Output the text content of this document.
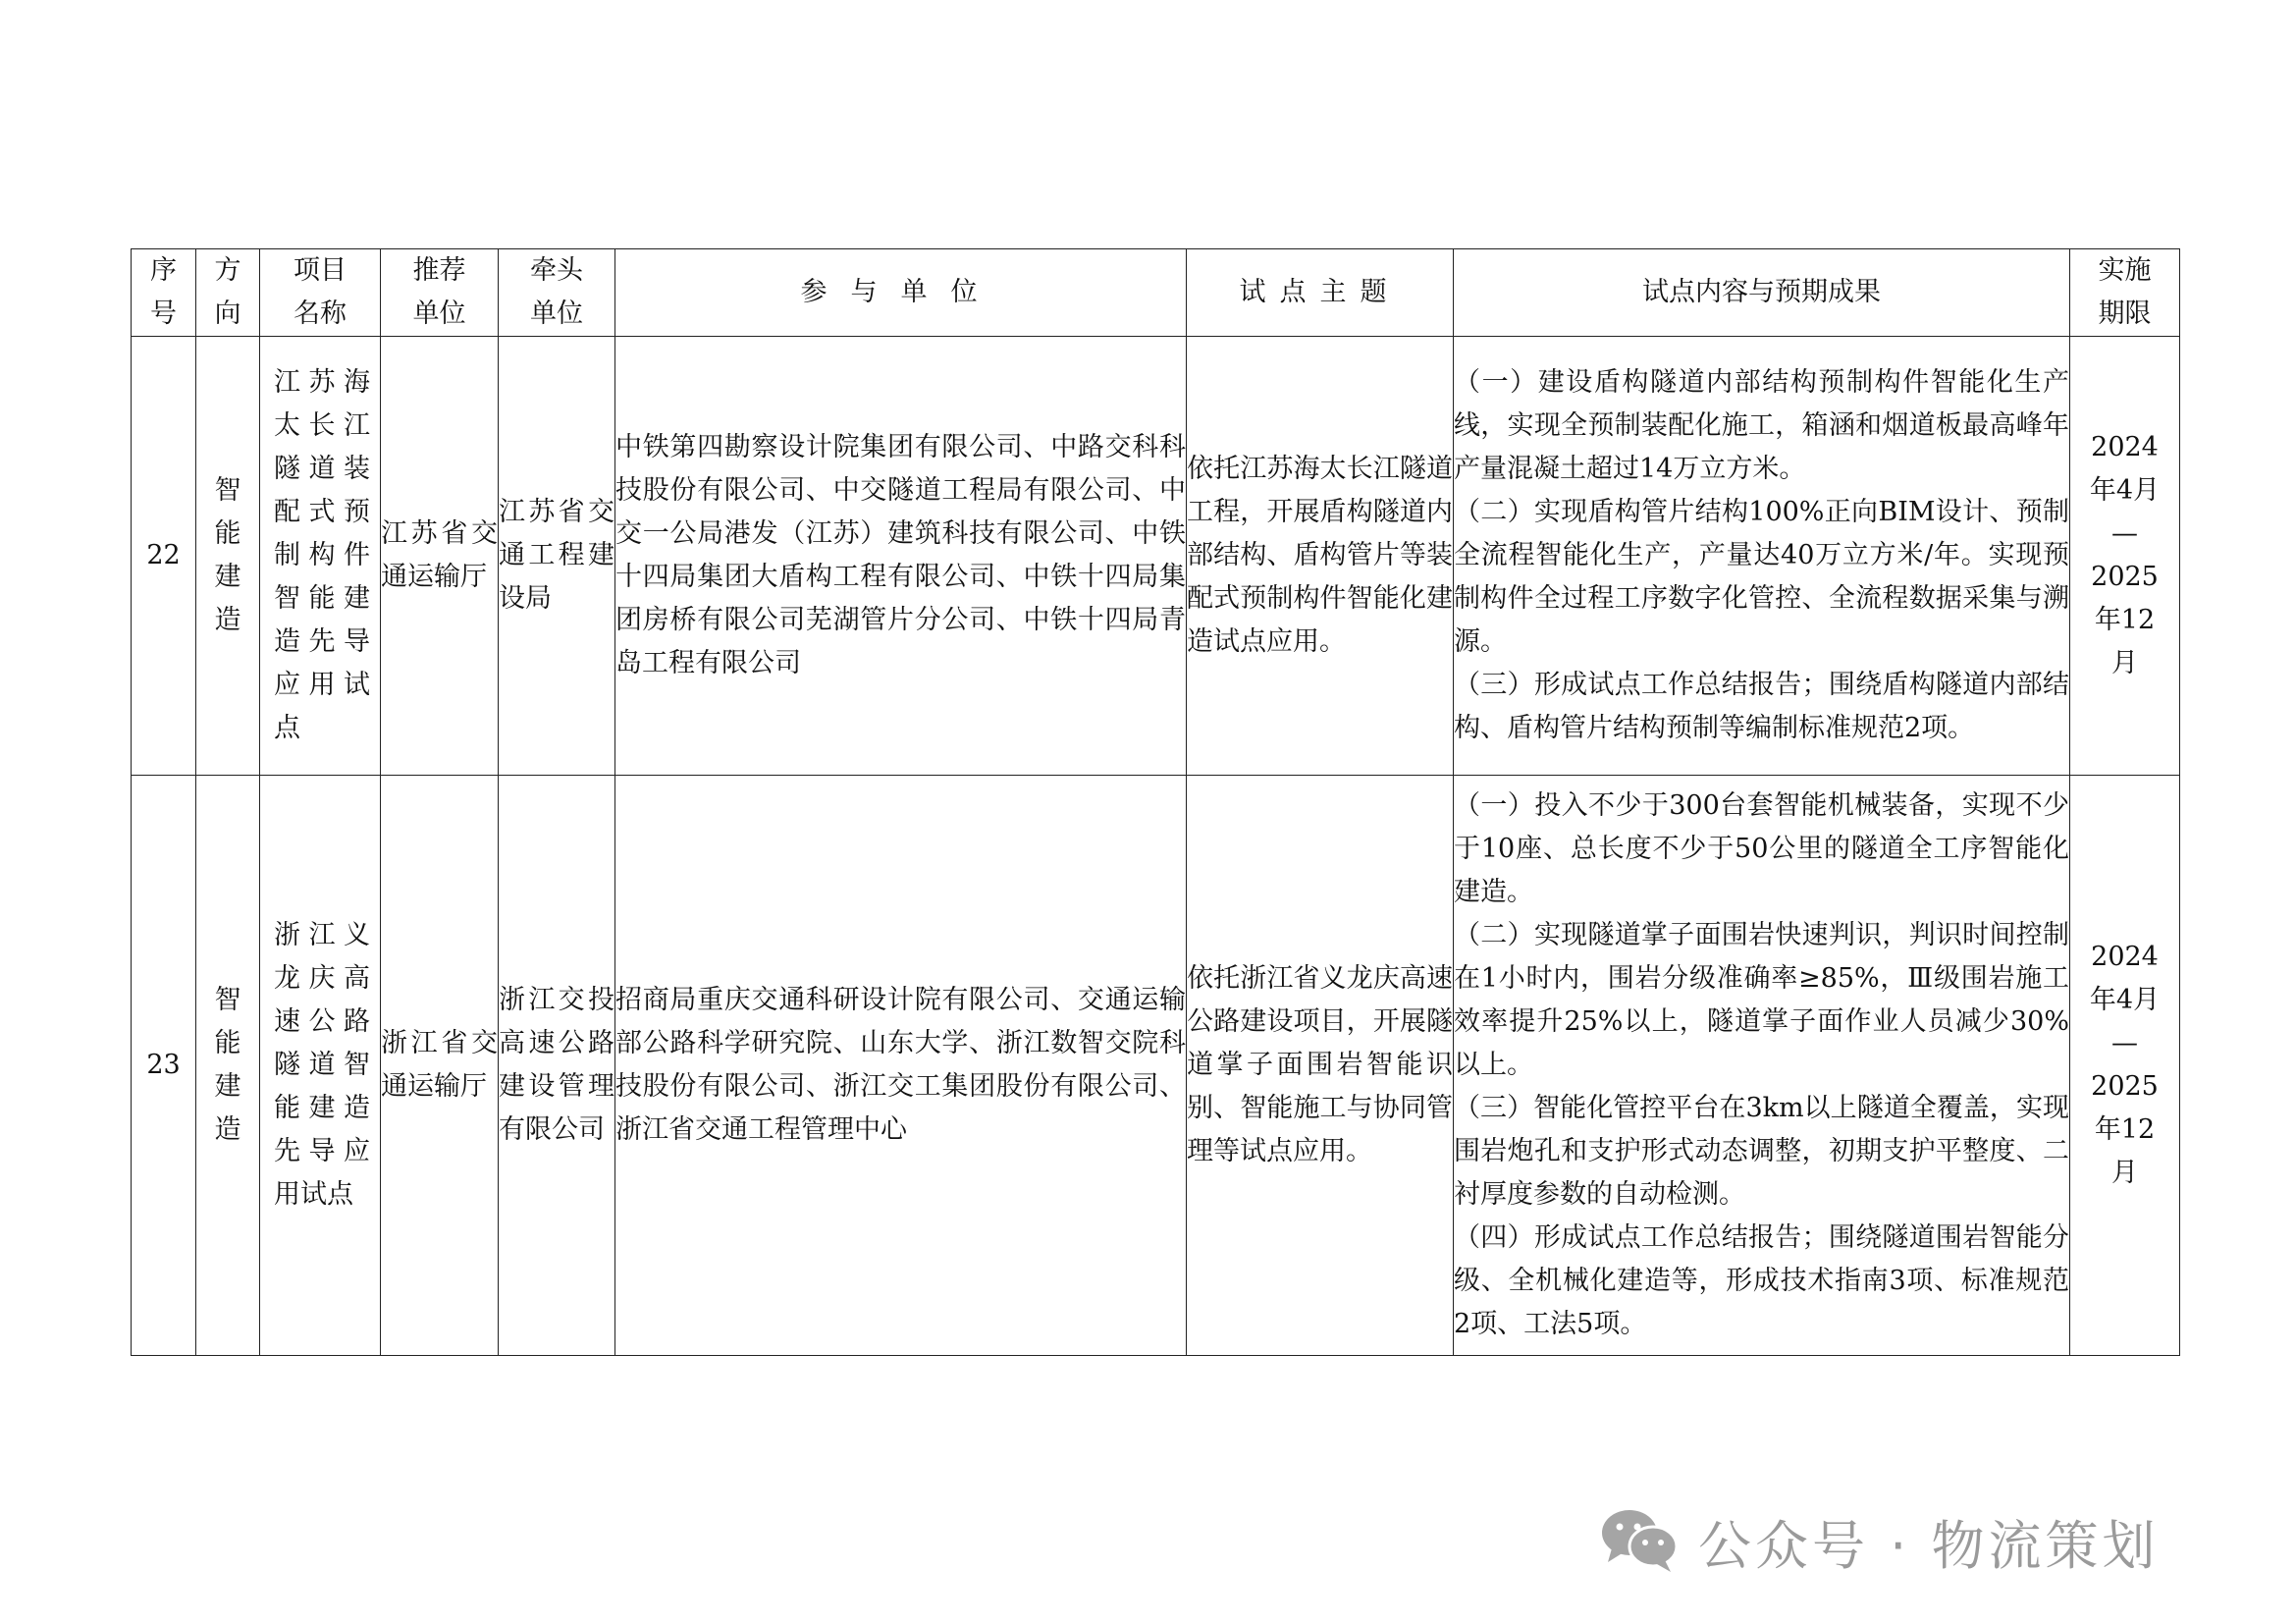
序号	方向	项目名称	推荐单位	牵头单位	参与单位	试点主题	试点内容与预期成果	实施期限
22	智能建造	江苏海太长江隧道装配式预制构件智能建造先导应用试点	江苏省交通运输厅	江苏省交通工程建设局	中铁第四勘察设计院集团有限公司、中路交科科技股份有限公司、中交隧道工程局有限公司、中交一公局港发（江苏）建筑科技有限公司、中铁十四局集团大盾构工程有限公司、中铁十四局集团房桥有限公司芜湖管片分公司、中铁十四局青岛工程有限公司	依托江苏海太长江隧道工程，开展盾构隧道内部结构、盾构管片等装配式预制构件智能化建造试点应用。	（一）建设盾构隧道内部结构预制构件智能化生产线，实现全预制装配化施工，箱涵和烟道板最高峰年产量混凝土超过14万立方米。
（二）实现盾构管片结构100%正向BIM设计、预制全流程智能化生产，产量达40万立方米/年。实现预制构件全过程工序数字化管控、全流程数据采集与溯源。
（三）形成试点工作总结报告；围绕盾构隧道内部结构、盾构管片结构预制等编制标准规范2项。	2024年4月—2025年12月
23	智能建造	浙江义龙庆高速公路隧道智能建造先导应用试点	浙江省交通运输厅	浙江交投高速公路建设管理有限公司	招商局重庆交通科研设计院有限公司、交通运输部公路科学研究院、山东大学、浙江数智交院科技股份有限公司、浙江交工集团股份有限公司、浙江省交通工程管理中心	依托浙江省义龙庆高速公路建设项目，开展隧道掌子面围岩智能识别、智能施工与协同管理等试点应用。	（一）投入不少于300台套智能机械装备，实现不少于10座、总长度不少于50公里的隧道全工序智能化建造。
（二）实现隧道掌子面围岩快速判识，判识时间控制在1小时内，围岩分级准确率≥85%，Ⅲ级围岩施工效率提升25%以上，隧道掌子面作业人员减少30%以上。
（三）智能化管控平台在3km以上隧道全覆盖，实现围岩炮孔和支护形式动态调整，初期支护平整度、二衬厚度参数的自动检测。
（四）形成试点工作总结报告；围绕隧道围岩智能分级、全机械化建造等，形成技术指南3项、标准规范2项、工法5项。	2024年4月—2025年12月
公众号 · 物流策划
